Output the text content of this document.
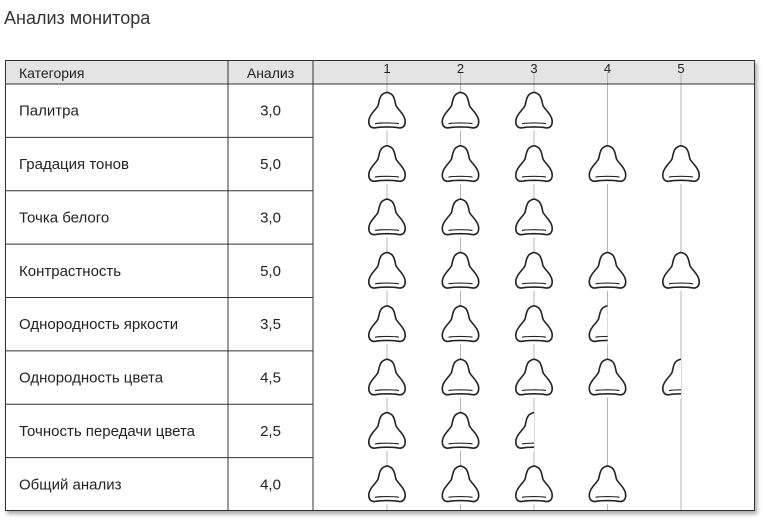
Анализ монитора
Категория	Анализ	1	2	3	4	5
Палитра	3,0
Градация тонов	5,0
Точка белого	3,0
Контрастность	5,0
Однородность яркости	3,5
Однородность цвета	4,5
Точность передачи цвета	2,5
Общий анализ	4,0
